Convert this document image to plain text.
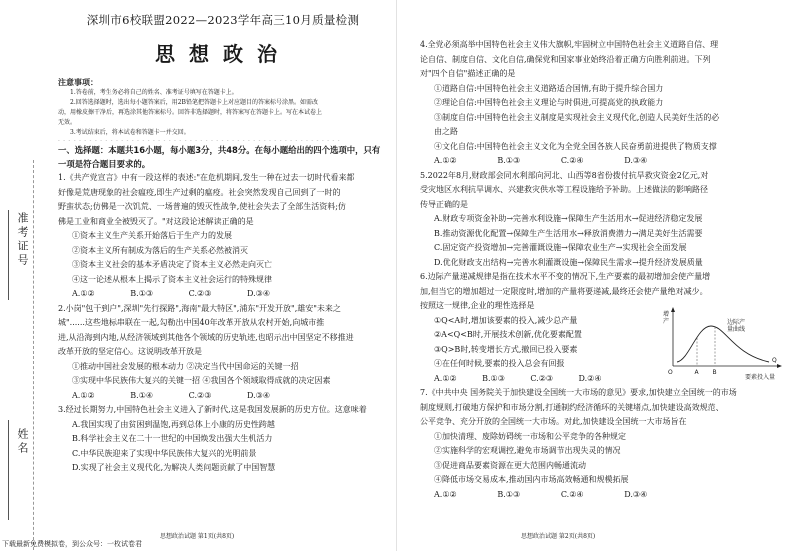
准考证号
姓名
深圳市6校联盟2022—2023学年高三10月质量检测
思想政治
注意事项：
1.答卷前，考生务必将自己的姓名、准考证号填写在答题卡上。
2.回答选择题时，选出每小题答案后，用2B铅笔把答题卡上对应题目的答案标号涂黑。如需改
动，用橡皮擦干净后，再选涂其他答案标号。回答非选择题时，将答案写在答题卡上。写在本试卷上
无效。
3.考试结束后，将本试卷和答题卡一并交回。
- - - - - - - - - - - - - - - - - - - - - - - - - - - - - - - - - - - - - - - - - - - - - - - - - - - - - -
一、选择题：本题共16小题，每小题3分，共48分。在每小题给出的四个选项中，只有
一项是符合题目要求的。
1.《共产党宣言》中有一段这样的表述:"在危机期间,发生一种在过去一切时代看来都
好像是荒唐现象的社会瘟疫,即生产过剩的瘟疫。社会突然发现自己回到了一时的
野蛮状态;仿佛是一次饥荒、一场普遍的毁灭性战争,使社会失去了全部生活资料;仿
佛是工业和商业全被毁灭了。"对这段论述解读正确的是
①资本主义生产关系开始落后于生产力的发展
②资本主义所有制成为落后的生产关系必然被消灭
③资本主义社会的基本矛盾决定了资本主义必然走向灭亡
④这一论述从根本上揭示了资本主义社会运行的特殊规律
A.①②	B.①③	C.②③	D.③④
2.小岗"包干到户",深圳"先行探路",海南"最大特区",浦东"开发开放",雄安"未来之
城"......这些地标串联在一起,勾勒出中国40年改革开放从农村开始,向城市推
进,从沿海到内地,从经济领域到其他各个领域的历史轨迹,也昭示出中国坚定不移推进
改革开放的坚定信心。这说明改革开放是
①推动中国社会发展的根本动力 ②决定当代中国命运的关键一招
③实现中华民族伟大复兴的关键一招 ④我国各个领域取得成就的决定因素
A.①②	B.①④	C.②③	D.③④
3.经过长期努力,中国特色社会主义进入了新时代,这是我国发展新的历史方位。这意味着
A.我国实现了由贫困到温饱,再到总体上小康的历史性跨越
B.科学社会主义在二十一世纪的中国焕发出强大生机活力
C.中华民族迎来了实现中华民族伟大复兴的光明前景
D.实现了社会主义现代化,为解决人类问题贡献了中国智慧
思想政治试题 第1页(共8页)
4.全党必须高举中国特色社会主义伟大旗帜,牢固树立中国特色社会主义道路自信、理
论自信、制度自信、文化自信,确保党和国家事业始终沿着正确方向胜利前进。下列
对"四个自信"描述正确的是
①道路自信:中国特色社会主义道路适合国情,有助于提升综合国力
②理论自信:中国特色社会主义理论与时俱进,可提高党的执政能力
③制度自信:中国特色社会主义制度是实现社会主义现代化,创造人民美好生活的必
由之路
④文化自信:中国特色社会主义文化为全党全国各族人民奋勇前进提供了物质支撑
A.①②	B.①③	C.②④	D.③④
5.2022年8月,财政部会同水利部向河北、山西等8省份拨付抗旱救灾资金2亿元,对
受灾地区水利抗旱调水、兴建救灾供水等工程设施给予补助。上述做法的影响路径
传导正确的是
A.财政专项资金补助→完善水利设施→保障生产生活用水→促进经济稳定发展
B.推动资源优化配置→保障生产生活用水→释放消费潜力→满足美好生活需要
C.固定资产投资增加→完善灌溉设施→保障农业生产→实现社会全面发展
D.优化财政支出结构→完善水利灌溉设施→保障民生需求→提升经济发展质量
6.边际产量递减规律是指在技术水平不变的情况下,生产要素的最初增加会使产量增
加,但当它的增加超过一定限度时,增加的产量将要递减,最终还会使产量绝对减少。
按照这一规律,企业的理性选择是
①Q<A时,增加该要素的投入,减少总产量
②A<Q<B时,开展技术创新,优化要素配置
③Q>B时,转变增长方式,撤回已投入要素
④在任何时候,要素的投入总会有回报
A.①②	B.①③	C.②③	D.②④
7.《中共中央 国务院关于加快建设全国统一大市场的意见》要求,加快建立全国统一的市场
制度规则,打破地方保护和市场分割,打通制约经济循环的关键堵点,加快建设高效规范、
公平竞争、充分开放的全国统一大市场。对此,加快建设全国统一大市场旨在
①加快清理、废除妨碍统一市场和公平竞争的各种规定
②实施科学的宏观调控,避免市场调节出现失灵的情况
③促进商品要素资源在更大范围内畅通流动
④降低市场交易成本,推动国内市场高效畅通和规模拓展
A.①②	B.①③	C.②④	D.③④
增产	边际产量曲线
O	A B
Q
要素投入量
思想政治试题 第2页(共8页)
下载最新免费模拟卷，到公众号：一枚试卷君
